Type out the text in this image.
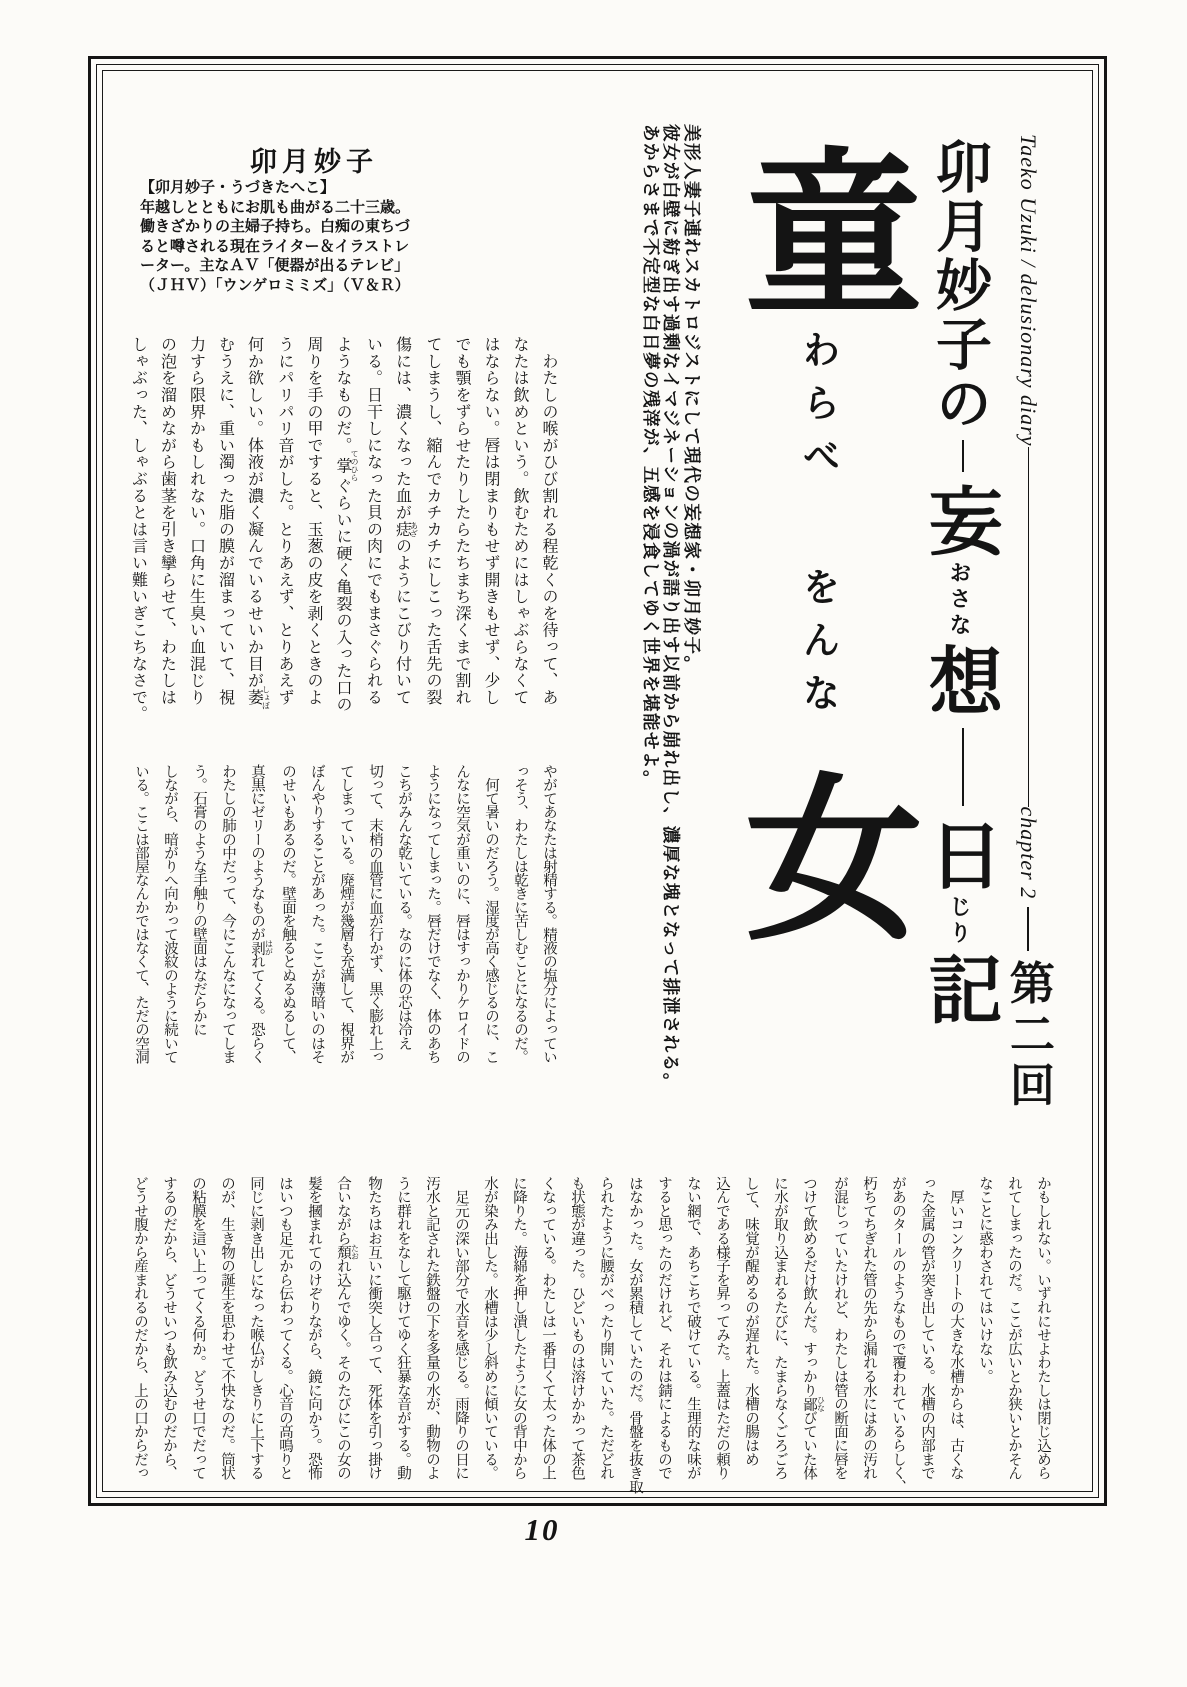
卯月妙子の妄おさな想日じり記
Taeko Uzuki / delusionary diarychapter 2第二回
童わらべをんな女

美形人妻子連れスカトロジストにして現代の妄想家・卯月妙子。

彼女が白壁に紡ぎ出す過剰なイマジネーションの渦が語り出す以前から崩れ出し、濃厚な塊となって排泄される。

あからさまで不定型な白日夢の残滓が、五感を浸食してゆく世界を堪能せよ。

卯月妙子

【卯月妙子・うづきたへこ】

年越しとともにお肌も曲がる二十三歳。

働きざかりの主婦子持ち。白痴の東ちづ

ると噂される現在ライター＆イラストレ

ーター。主なＡＶ「便器が出るテレビ」

（ＪＨＶ）「ウンゲロミミズ」（Ｖ＆Ｒ）

　わたしの喉がひび割れる程乾くのを待って、あ

なたは飲めという。飲むためにはしゃぶらなくて

はならない。唇は閉まりもせず開きもせず、少し

でも顎をずらせたりしたらたちまち深くまで割れ

てしまうし、縮んでカチカチにしこった舌先の裂

傷には、濃くなった血が痣 あざのようにこびり付いて

いる。日干しになった貝の肉にでもまさぐられる

ようなものだ。掌 てのひらぐらいに硬く亀裂の入った口の

周りを手の甲ですると、玉葱の皮を剥くときのよ

うにパリパリ音がした。とりあえず、とりあえず

何か欲しい。体液が濃く凝んでいるせいか目が萎 しょぼ

むうえに、重い濁った脂の膜が溜まっていて、視

力すら限界かもしれない。口角に生臭い血混じり

の泡を溜めながら歯茎を引き攣らせて、わたしは

しゃぶった、しゃぶるとは言い難いぎこちなさで。

やがてあなたは射精する。精液の塩分によってい

っそう、わたしは乾きに苦しむことになるのだ。

　何て暑いのだろう。湿度が高く感じるのに、こ

んなに空気が重いのに、唇はすっかりケロイドの

ようになってしまった。唇だけでなく、体のあち

こちがみんな乾いている。なのに体の芯は冷え

切って、末梢の血管に血が行かず、黒く膨れ上っ

てしまっている。廃煙が幾層も充満して、視界が

ぼんやりすることがあった。ここが薄暗いのはそ

のせいもあるのだ。壁面を触るとぬるぬるして、

真黒にゼリーのようなものが剥 はがれてくる。恐らく

わたしの肺の中だって、今にこんなになってしま

う。石膏のような手触りの壁面はなだらかに

しながら、暗がりへ向かって波紋のように続いて

いる。ここは部屋なんかではなくて、ただの空洞

かもしれない。いずれにせよわたしは閉じ込めら

れてしまったのだ。ここが広いとか狭いとかそん

なことに惑わされてはいけない。

　厚いコンクリートの大きな水槽からは、古くな

った金属の管が突き出している。水槽の内部まで

があのタールのようなもので覆われているらしく、

朽ちてちぎれた管の先から漏れる水にはあの汚れ

が混じっていたけれど、わたしは管の断面に唇を

つけて飲めるだけ飲んだ。すっかり鄙 ひなびていた体

に水が取り込まれるたびに、たまらなくごろごろ

して、味覚が醒めるのが遅れた。水槽の腸はめ

込んである様子を昇ってみた。上蓋はただの頼り

ない網で、あちこちで破けている。生理的な味が

すると思ったのだけれど、それは錆によるもので

はなかった。女が累積していたのだ。骨盤を抜き取

られたように腰がべったり開いていた。ただどれ

も状態が違った。ひどいものは溶けかかって茶色

くなっている。わたしは一番白くて太った体の上

に降りた。海綿を押し潰したように女の背中から

水が染み出した。水槽は少し斜めに傾いている。

　足元の深い部分で水音を感じる。雨降りの日に

汚水と記された鉄盤の下を多量の水が、動物のよ

うに群れをなして駆けてゆく狂暴な音がする。動

物たちはお互いに衝突し合って、死体を引っ掛け

合いながら頽 たおれ込んでゆく。そのたびにこの女の

髪を摑まれてのけぞりながら、鏡に向かう。恐怖

はいつも足元から伝わってくる。心音の高鳴りと

同じに剥き出しになった喉仏がしきりに上下する

のが、生き物の誕生を思わせて不快なのだ。筒状

の粘膜を這い上ってくる何か。どうせ口でだって

するのだから、どうせいつも飲み込むのだから、

どうせ腹から産まれるのだから、上の口からだっ

10
